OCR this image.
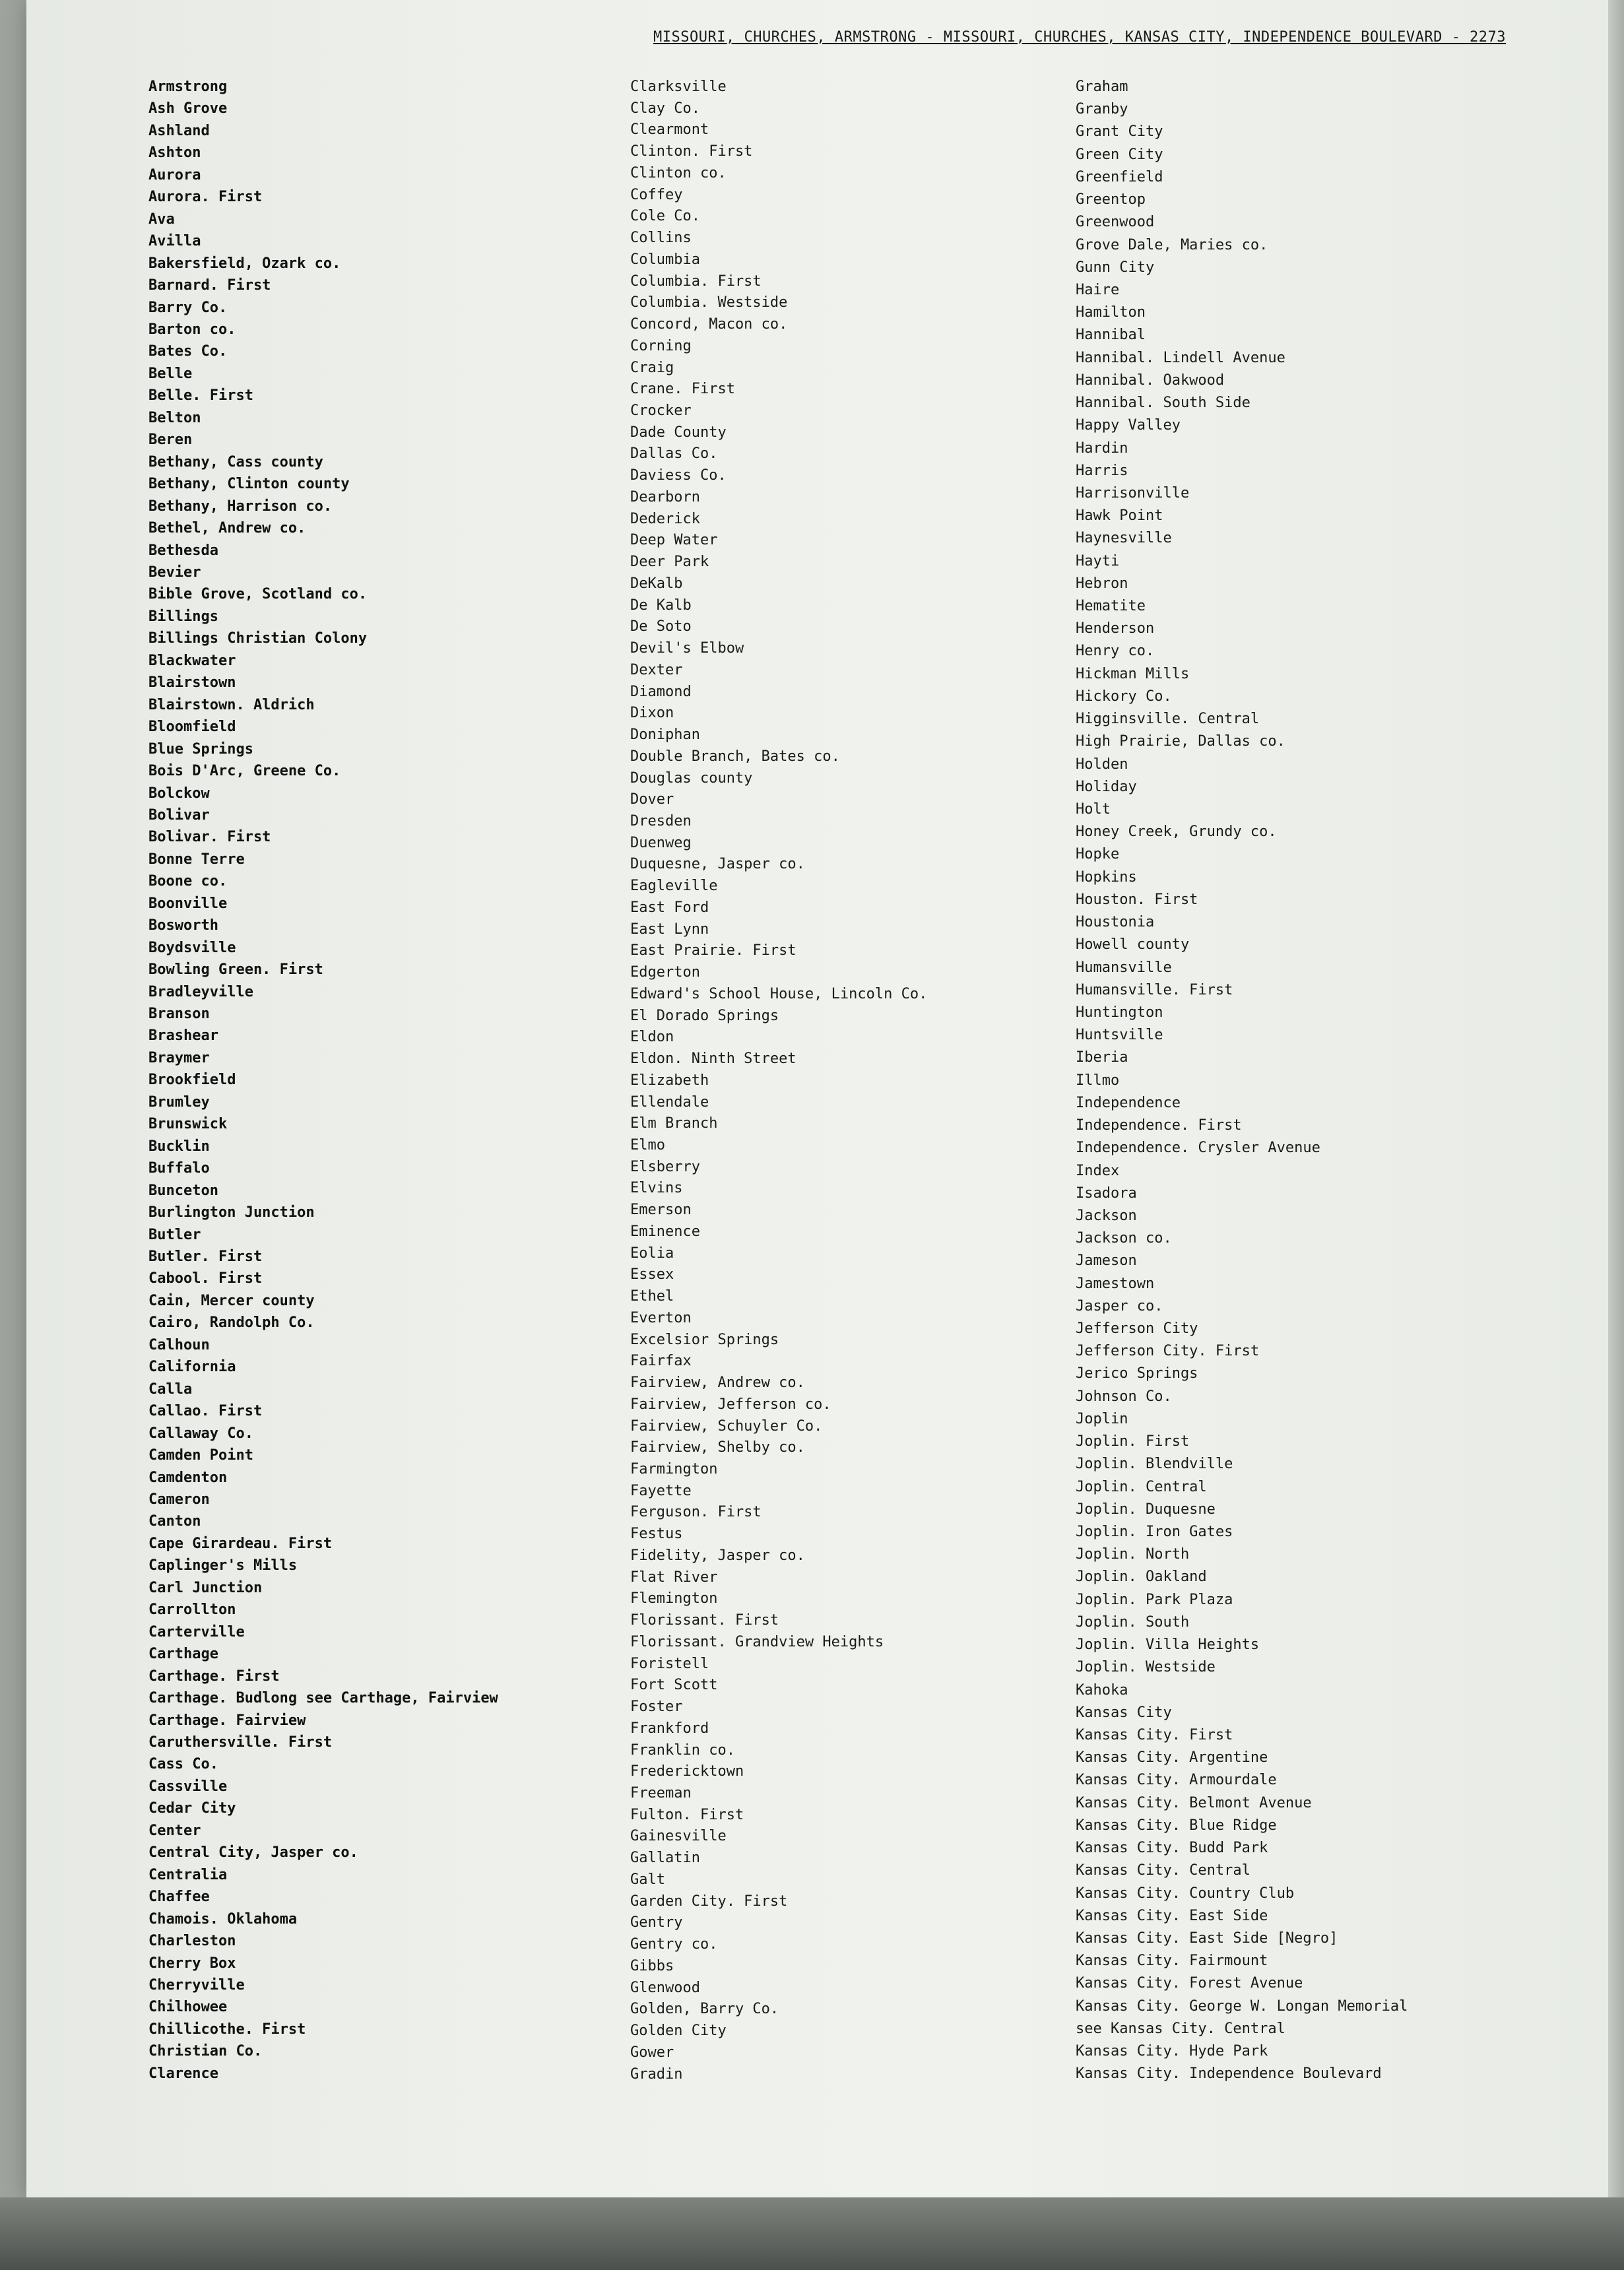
MISSOURI, CHURCHES, ARMSTRONG - MISSOURI, CHURCHES, KANSAS CITY, INDEPENDENCE BOULEVARD - 2273
Armstrong
Ash Grove
Ashland
Ashton
Aurora
Aurora. First
Ava
Avilla
Bakersfield, Ozark co.
Barnard. First
Barry Co.
Barton co.
Bates Co.
Belle
Belle. First
Belton
Beren
Bethany, Cass county
Bethany, Clinton county
Bethany, Harrison co.
Bethel, Andrew co.
Bethesda
Bevier
Bible Grove, Scotland co.
Billings
Billings Christian Colony
Blackwater
Blairstown
Blairstown. Aldrich
Bloomfield
Blue Springs
Bois D'Arc, Greene Co.
Bolckow
Bolivar
Bolivar. First
Bonne Terre
Boone co.
Boonville
Bosworth
Boydsville
Bowling Green. First
Bradleyville
Branson
Brashear
Braymer
Brookfield
Brumley
Brunswick
Bucklin
Buffalo
Bunceton
Burlington Junction
Butler
Butler. First
Cabool. First
Cain, Mercer county
Cairo, Randolph Co.
Calhoun
California
Calla
Callao. First
Callaway Co.
Camden Point
Camdenton
Cameron
Canton
Cape Girardeau. First
Caplinger's Mills
Carl Junction
Carrollton
Carterville
Carthage
Carthage. First
Carthage. Budlong see Carthage, Fairview
Carthage. Fairview
Caruthersville. First
Cass Co.
Cassville
Cedar City
Center
Central City, Jasper co.
Centralia
Chaffee
Chamois. Oklahoma
Charleston
Cherry Box
Cherryville
Chilhowee
Chillicothe. First
Christian Co.
Clarence
Clarksville
Clay Co.
Clearmont
Clinton. First
Clinton co.
Coffey
Cole Co.
Collins
Columbia
Columbia. First
Columbia. Westside
Concord, Macon co.
Corning
Craig
Crane. First
Crocker
Dade County
Dallas Co.
Daviess Co.
Dearborn
Dederick
Deep Water
Deer Park
DeKalb
De Kalb
De Soto
Devil's Elbow
Dexter
Diamond
Dixon
Doniphan
Double Branch, Bates co.
Douglas county
Dover
Dresden
Duenweg
Duquesne, Jasper co.
Eagleville
East Ford
East Lynn
East Prairie. First
Edgerton
Edward's School House, Lincoln Co.
El Dorado Springs
Eldon
Eldon. Ninth Street
Elizabeth
Ellendale
Elm Branch
Elmo
Elsberry
Elvins
Emerson
Eminence
Eolia
Essex
Ethel
Everton
Excelsior Springs
Fairfax
Fairview, Andrew co.
Fairview, Jefferson co.
Fairview, Schuyler Co.
Fairview, Shelby co.
Farmington
Fayette
Ferguson. First
Festus
Fidelity, Jasper co.
Flat River
Flemington
Florissant. First
Florissant. Grandview Heights
Foristell
Fort Scott
Foster
Frankford
Franklin co.
Fredericktown
Freeman
Fulton. First
Gainesville
Gallatin
Galt
Garden City. First
Gentry
Gentry co.
Gibbs
Glenwood
Golden, Barry Co.
Golden City
Gower
Gradin
Graham
Granby
Grant City
Green City
Greenfield
Greentop
Greenwood
Grove Dale, Maries co.
Gunn City
Haire
Hamilton
Hannibal
Hannibal. Lindell Avenue
Hannibal. Oakwood
Hannibal. South Side
Happy Valley
Hardin
Harris
Harrisonville
Hawk Point
Haynesville
Hayti
Hebron
Hematite
Henderson
Henry co.
Hickman Mills
Hickory Co.
Higginsville. Central
High Prairie, Dallas co.
Holden
Holiday
Holt
Honey Creek, Grundy co.
Hopke
Hopkins
Houston. First
Houstonia
Howell county
Humansville
Humansville. First
Huntington
Huntsville
Iberia
Illmo
Independence
Independence. First
Independence. Crysler Avenue
Index
Isadora
Jackson
Jackson co.
Jameson
Jamestown
Jasper co.
Jefferson City
Jefferson City. First
Jerico Springs
Johnson Co.
Joplin
Joplin. First
Joplin. Blendville
Joplin. Central
Joplin. Duquesne
Joplin. Iron Gates
Joplin. North
Joplin. Oakland
Joplin. Park Plaza
Joplin. South
Joplin. Villa Heights
Joplin. Westside
Kahoka
Kansas City
Kansas City. First
Kansas City. Argentine
Kansas City. Armourdale
Kansas City. Belmont Avenue
Kansas City. Blue Ridge
Kansas City. Budd Park
Kansas City. Central
Kansas City. Country Club
Kansas City. East Side
Kansas City. East Side [Negro]
Kansas City. Fairmount
Kansas City. Forest Avenue
Kansas City. George W. Longan Memorial
see Kansas City. Central
Kansas City. Hyde Park
Kansas City. Independence Boulevard
